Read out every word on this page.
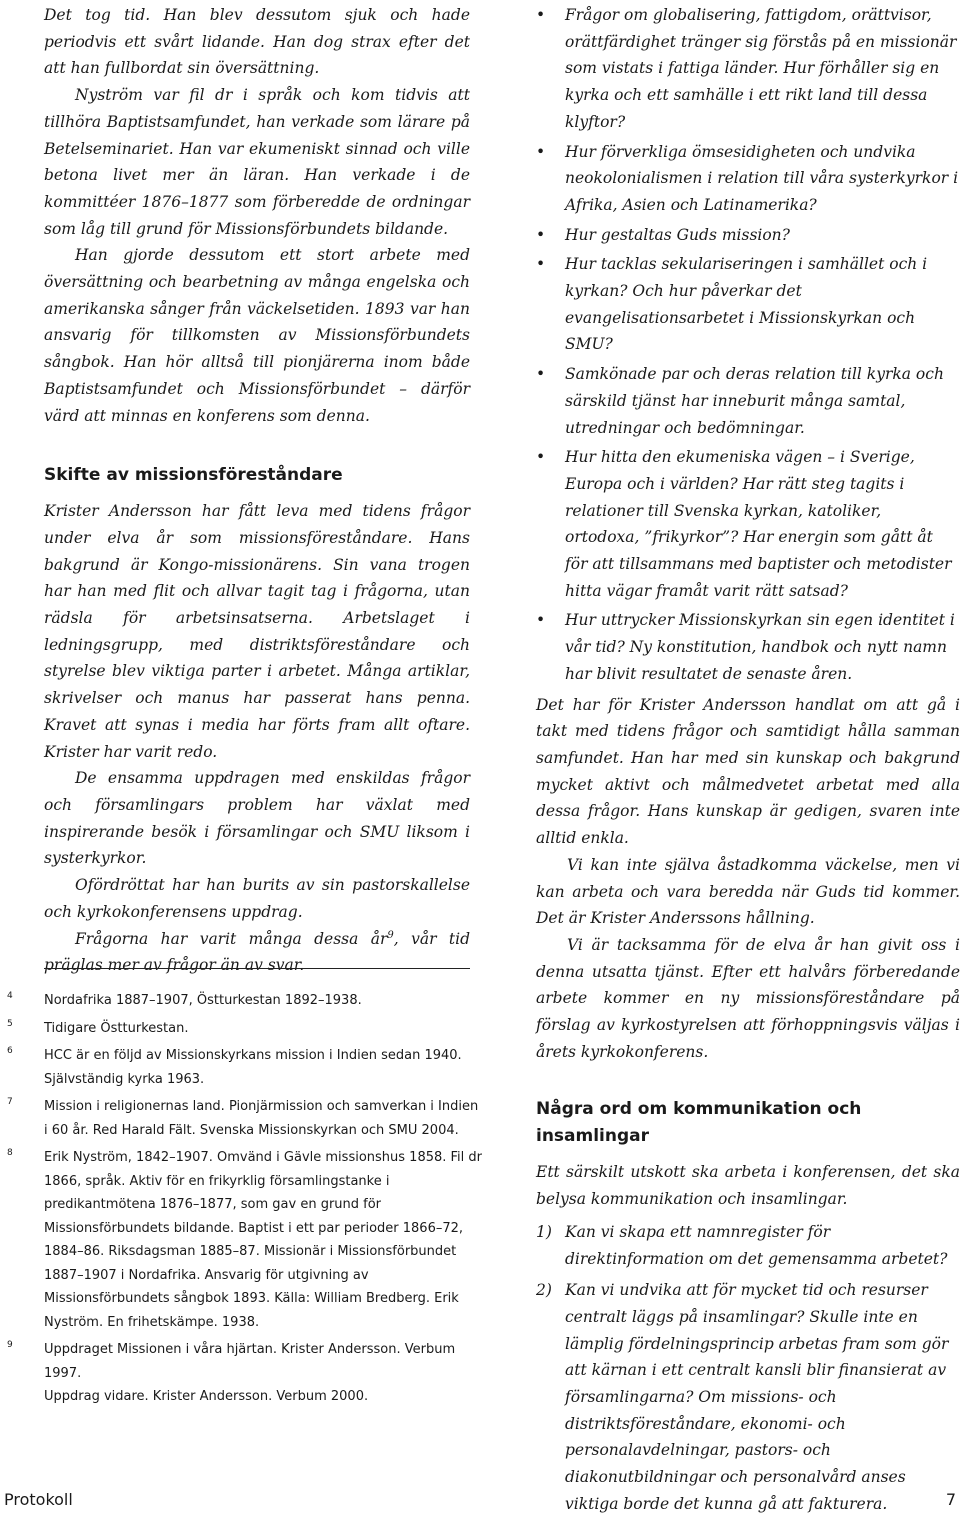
Det tog tid. Han blev dessutom sjuk och hade periodvis ett svårt lidande. Han dog strax efter det att han fullbordat sin översättning.

Nyström var fil dr i språk och kom tidvis att tillhöra Baptistsamfundet, han verkade som lärare på Betelseminariet. Han var ekumeniskt sinnad och ville betona livet mer än läran. Han verkade i de kommittéer 1876–1877 som förberedde de ordningar som låg till grund för Missionsförbundets bildande.

Han gjorde dessutom ett stort arbete med översättning och bearbetning av många engelska och amerikanska sånger från väckelsetiden. 1893 var han ansvarig för tillkomsten av Missionsförbundets sångbok. Han hör alltså till pionjärerna inom både Baptistsamfundet och Missionsförbundet – därför värd att minnas en konferens som denna.

Skifte av missionsföreståndare

Krister Andersson har fått leva med tidens frågor under elva år som missionsföreståndare. Hans bakgrund är Kongo-missionärens. Sin vana trogen har han med flit och allvar tagit tag i frågorna, utan rädsla för arbetsinsatserna. Arbetslaget i ledningsgrupp, med distriktsföreståndare och styrelse blev viktiga parter i arbetet. Många artiklar, skrivelser och manus har passerat hans penna. Kravet att synas i media har förts fram allt oftare. Krister har varit redo.

De ensamma uppdragen med enskildas frågor och församlingars problem har växlat med inspirerande besök i församlingar och SMU liksom i systerkyrkor.

Ofördröttat har han burits av sin pastorskallelse och kyrkokonferensens uppdrag.

Frågorna har varit många dessa $år^9$, vår tid präglas mer av frågor än av svar.

4 Nordafrika 1887–1907, Östturkestan 1892–1938.
5 Tidigare Östturkestan.
6 HCC är en följd av Missionskyrkans mission i Indien sedan 1940. Självständig kyrka 1963.
7 Mission i religionernas land. Pionjärmission och samverkan i Indien i 60 år. Red Harald Fält. Svenska Missionskyrkan och SMU 2004.
8 Erik Nyström, 1842–1907. Omvänd i Gävle missionshus 1858. Fil dr 1866, språk. Aktiv för en frikyrklig församlingstanke i predikantmötena 1876–1877, som gav en grund för Missionsförbundets bildande. Baptist i ett par perioder 1866–72, 1884–86. Riksdagsman 1885–87. Missionär i Missionsförbundet 1887–1907 i Nordafrika. Ansvarig för utgivning av Missionsförbundets sångbok 1893. Källa: William Bredberg. Erik Nyström. En frihetskämpe. 1938.
9 Uppdraget Missionen i våra hjärtan. Krister Andersson. Verbum 1997.
Uppdrag vidare. Krister Andersson. Verbum 2000.
• Frågor om globalisering, fattigdom, orättvisor, orättfärdighet tränger sig förstås på en missionär som vistats i fattiga länder. Hur förhåller sig en kyrka och ett samhälle i ett rikt land till dessa klyftor?
• Hur förverkliga ömsesidigheten och undvika neokolonialismen i relation till våra systerkyrkor i Afrika, Asien och Latinamerika?
• Hur gestaltas Guds mission?
• Hur tacklas sekulariseringen i samhället och i kyrkan? Och hur påverkar det evangelisationsarbetet i Missionskyrkan och SMU?
• Samkönade par och deras relation till kyrka och särskild tjänst har inneburit många samtal, utredningar och bedömningar.
• Hur hitta den ekumeniska vägen – i Sverige, Europa och i världen? Har rätt steg tagits i relationer till Svenska kyrkan, katoliker, ortodoxa, ”frikyrkor”? Har energin som gått åt för att tillsammans med baptister och metodister hitta vägar framåt varit rätt satsad?
• Hur uttrycker Missionskyrkan sin egen identitet i vår tid? Ny konstitution, handbok och nytt namn har blivit resultatet de senaste åren.

Det har för Krister Andersson handlat om att gå i takt med tidens frågor och samtidigt hålla samman samfundet. Han har med sin kunskap och bakgrund mycket aktivt och målmedvetet arbetat med alla dessa frågor. Hans kunskap är gedigen, svaren inte alltid enkla.

Vi kan inte själva åstadkomma väckelse, men vi kan arbeta och vara beredda när Guds tid kommer. Det är Krister Anderssons hållning.

Vi är tacksamma för de elva år han givit oss i denna utsatta tjänst. Efter ett halvårs förberedande arbete kommer en ny missionsföreståndare på förslag av kyrkostyrelsen att förhoppningsvis väljas i årets kyrkokonferens.

Några ord om kommunikation och insamlingar

Ett särskilt utskott ska arbeta i konferensen, det ska belysa kommunikation och insamlingar.

1) Kan vi skapa ett namnregister för direktinformation om det gemensamma arbetet?
2) Kan vi undvika att för mycket tid och resurser centralt läggs på insamlingar? Skulle inte en lämplig fördelningsprincip arbetas fram som gör att kärnan i ett centralt kansli blir finansierat av församlingarna? Om missions- och distriktsföreståndare, ekonomi- och personalavdelningar, pastors- och diakonutbildningar och personalvård anses viktiga borde det kunna gå att fakturera.
Protokoll	7
